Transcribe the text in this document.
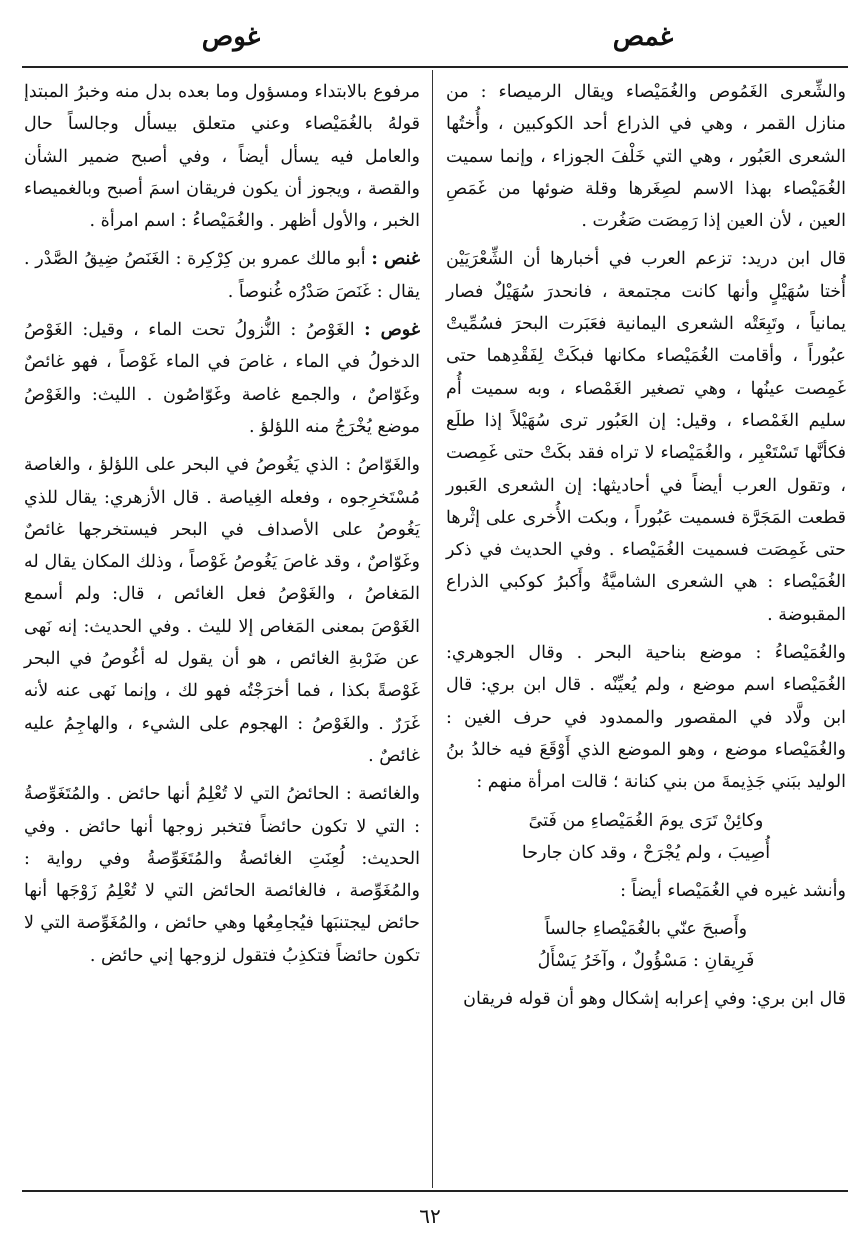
غمص
غوص

والشِّعرى الغَمُوص والغُمَيْصاء ويقال الرميصاء : من منازل القمر ، وهي في الذراع أحد الكوكبين ، وأُختُها الشعرى العَبُور ، وهي التي خَلْفَ الجوزاء ، وإنما سميت الغُمَيْصاء بهذا الاسم لصِغَرها وقلة ضوئها من غَمَصِ العين ، لأن العين إذا رَمِصَت صَغُرت .

قال ابن دريد: تزعم العرب في أخبارها أن الشِّعْرَيَيْن أُختا سُهَيْلٍ وأنها كانت مجتمعة ، فانحدرَ سُهَيْلٌ فصار يمانياً ، وتَبِعَتْه الشعرى اليمانية فعَبَرت البحرَ فسُمِّيتْ عبُوراً ، وأقامت الغُمَيْصاء مكانها فبكَتْ لِفَقْدِهما حتى غَمِصت عينُها ، وهي تصغير الغَمْصاء ، وبه سميت أُم سليم الغَمْصاء ، وقيل: إن العَبُور ترى سُهَيْلاً إذا طلَع فكأنَّها تَسْتَعْبِر ، والغُمَيْصاء لا تراه فقد بكَتْ حتى غَمِصت ، وتقول العرب أيضاً في أحاديثها: إن الشعرى العَبور قطعت المَجَرَّة فسميت عَبُوراً ، وبكت الأُخرى على إثْرها حتى غَمِصَت فسميت الغُمَيْصاء . وفي الحديث في ذكر الغُمَيْصاء : هي الشعرى الشاميَّةُ وأَكبرُ كوكبي الذراع المقبوضة .

والغُمَيْصاءُ : موضع بناحية البحر . وقال الجوهري: الغُمَيْصاء اسم موضع ، ولم يُعيِّنْه . قال ابن بري: قال ابن ولَّاد في المقصور والممدود في حرف الغين : والغُمَيْصاء موضع ، وهو الموضع الذي أَوْقَعَ فيه خالدُ بنُ الوليد ببَني جَذِيمةَ من بني كنانة ؛ قالت امرأة منهم :

وكائِنْ تَرَى يومَ الغُمَيْصاءِ من فَتىً
أُصِيبَ ، ولم يُجْرَحْ ، وقد كان جارحا

وأنشد غيره في الغُمَيْصاء أيضاً :

وأَصبحَ عنّي بالغُمَيْصاءِ جالساً
فَرِيقانِ : مَسْؤُولٌ ، وآخَرُ يَسْأَلُ

قال ابن بري: وفي إعرابه إشكال وهو أن قوله فريقان

مرفوع بالابتداء ومسؤول وما بعده بدل منه وخبرُ المبتدإ قولهُ بالغُمَيْصاء وعني متعلق بيسأل وجالساً حال والعامل فيه يسأل أيضاً ، وفي أصبح ضمير الشأن والقصة ، ويجوز أن يكون فريقان اسمَ أصبح وبالغميصاء الخبر ، والأول أظهر . والغُمَيْصاءُ : اسم امرأة .

غنص : أبو مالك عمرو بن كِرْكِرة : الغَنَصُ ضِيقُ الصَّدْر . يقال : غَنَصَ صَدْرُه غُنوصاً .

غوص : الغَوْصُ : النُّزولُ تحت الماء ، وقيل: الغَوْصُ الدخولُ في الماء ، غاصَ في الماء غَوْصاً ، فهو غائصٌ وغَوّاصٌ ، والجمع غاصة وغَوّاصُون . الليث: والغَوْصُ موضع يُخْرَجُ منه اللؤلؤ .

والغَوّاصُ : الذي يَغُوصُ في البحر على اللؤلؤ ، والغاصة مُسْتَخرِجوه ، وفعله الغِياصة . قال الأزهري: يقال للذي يَغُوصُ على الأصداف في البحر فيستخرجها غائصٌ وغَوّاصٌ ، وقد غاصَ يَغُوصُ غَوْصاً ، وذلك المكان يقال له المَغاصُ ، والغَوْصُ فعل الغائص ، قال: ولم أسمع الغَوْصَ بمعنى المَغاص إلا لليث . وفي الحديث: إنه نَهى عن ضَرْبةِ الغائص ، هو أن يقول له أغُوصُ في البحر غَوْصةً بكذا ، فما أخرَجْتُه فهو لك ، وإنما نَهى عنه لأنه غَرَرٌ . والغَوْصُ : الهجوم على الشيء ، والهاجِمُ عليه غائصٌ .

والغائصة : الحائضُ التي لا تُعْلِمُ أنها حائض . والمُتَغَوِّصةُ : التي لا تكون حائضاً فتخبر زوجها أنها حائض . وفي الحديث: لُعِنَتِ الغائصةُ والمُتَغَوِّصةُ وفي رواية : والمُغَوِّصة ، فالغائصة الحائض التي لا تُعْلِمُ زَوْجَها أنها حائض ليجتنبَها فيُجامِعُها وهي حائض ، والمُغَوِّصة التي لا تكون حائضاً فتكذِبُ فتقول لزوجها إني حائض .

٦٢
